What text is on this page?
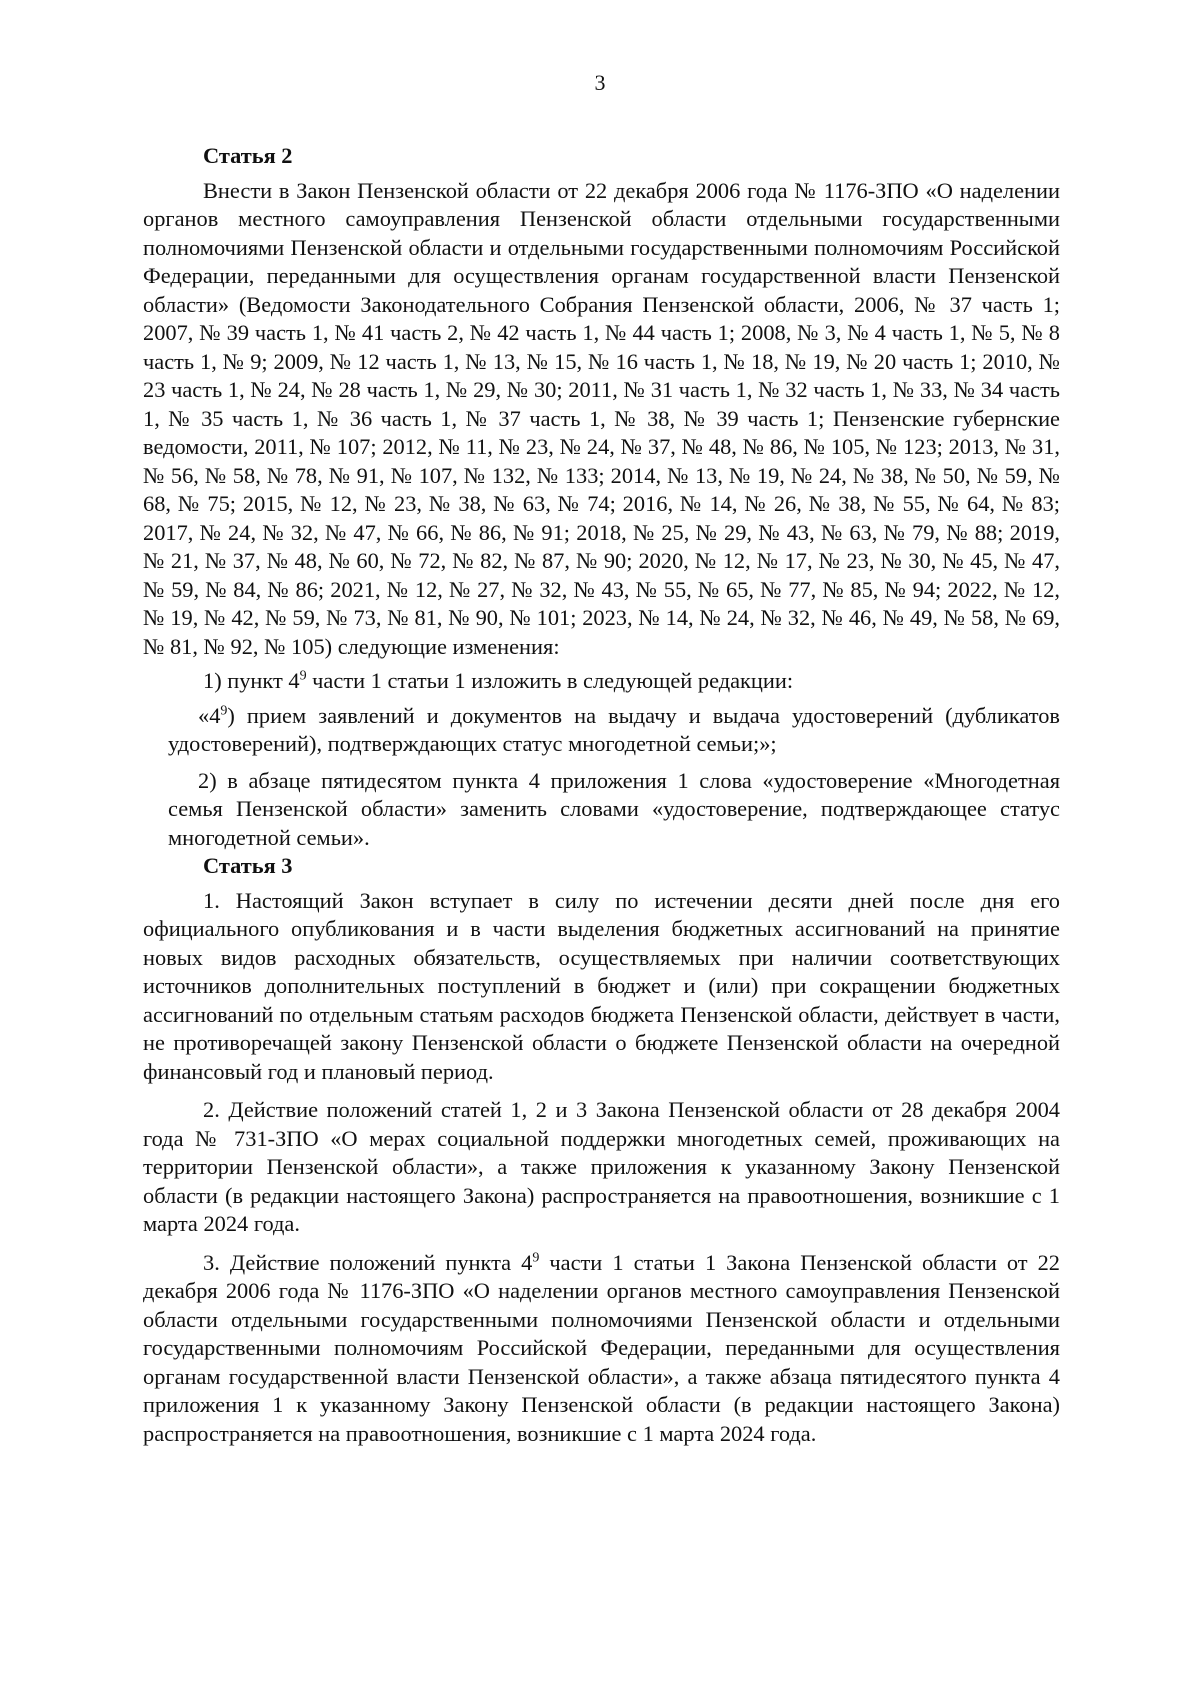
3

Статья 2

Внести в Закон Пензенской области от 22 декабря 2006 года № 1176-ЗПО «О наделении органов местного самоуправления Пензенской области отдельными государственными полномочиями Пензенской области и отдельными государственными полномочиям Российской Федерации, переданными для осуществления органам государственной власти Пензенской области» (Ведомости Законодательного Собрания Пензенской области, 2006, № 37 часть 1; 2007, № 39 часть 1, № 41 часть 2, № 42 часть 1, № 44 часть 1; 2008, № 3, № 4 часть 1, № 5, № 8 часть 1, № 9; 2009, № 12 часть 1, № 13, № 15, № 16 часть 1, № 18, № 19, № 20 часть 1; 2010, № 23 часть 1, № 24, № 28 часть 1, № 29, № 30; 2011, № 31 часть 1, № 32 часть 1, № 33, № 34 часть 1, № 35 часть 1, № 36 часть 1, № 37 часть 1, № 38, № 39 часть 1; Пензенские губернские ведомости, 2011, № 107; 2012, № 11, № 23, № 24, № 37, № 48, № 86, № 105, № 123; 2013, № 31, № 56, № 58, № 78, № 91, № 107, № 132, № 133; 2014, № 13, № 19, № 24, № 38, № 50, № 59, № 68, № 75; 2015, № 12, № 23, № 38, № 63, № 74; 2016, № 14, № 26, № 38, № 55, № 64, № 83; 2017, № 24, № 32, № 47, № 66, № 86, № 91; 2018, № 25, № 29, № 43, № 63, № 79, № 88; 2019, № 21, № 37, № 48, № 60, № 72, № 82, № 87, № 90; 2020, № 12, № 17, № 23, № 30, № 45, № 47, № 59, № 84, № 86; 2021, № 12, № 27, № 32, № 43, № 55, № 65, № 77, № 85, № 94; 2022, № 12, № 19, № 42, № 59, № 73, № 81, № 90, № 101; 2023, № 14, № 24, № 32, № 46, № 49, № 58, № 69, № 81, № 92, № 105) следующие изменения:

1) пункт $4^9$ части 1 статьи 1 изложить в следующей редакции:

«$4^9$) прием заявлений и документов на выдачу и выдача удостоверений (дубликатов удостоверений), подтверждающих статус многодетной семьи;»;

2) в абзаце пятидесятом пункта 4 приложения 1 слова «удостоверение «Многодетная семья Пензенской области» заменить словами «удостоверение, подтверждающее статус многодетной семьи».

Статья 3

1. Настоящий Закон вступает в силу по истечении десяти дней после дня его официального опубликования и в части выделения бюджетных ассигнований на принятие новых видов расходных обязательств, осуществляемых при наличии соответствующих источников дополнительных поступлений в бюджет и (или) при сокращении бюджетных ассигнований по отдельным статьям расходов бюджета Пензенской области, действует в части, не противоречащей закону Пензенской области о бюджете Пензенской области на очередной финансовый год и плановый период.

2. Действие положений статей 1, 2 и 3 Закона Пензенской области от 28 декабря 2004 года № 731-ЗПО «О мерах социальной поддержки многодетных семей, проживающих на территории Пензенской области», а также приложения к указанному Закону Пензенской области (в редакции настоящего Закона) распространяется на правоотношения, возникшие с 1 марта 2024 года.

3. Действие положений пункта $4^9$ части 1 статьи 1 Закона Пензенской области от 22 декабря 2006 года № 1176-ЗПО «О наделении органов местного самоуправления Пензенской области отдельными государственными полномочиями Пензенской области и отдельными государственными полномочиям Российской Федерации, переданными для осуществления органам государственной власти Пензенской области», а также абзаца пятидесятого пункта 4 приложения 1 к указанному Закону Пензенской области (в редакции настоящего Закона) распространяется на правоотношения, возникшие с 1 марта 2024 года.
